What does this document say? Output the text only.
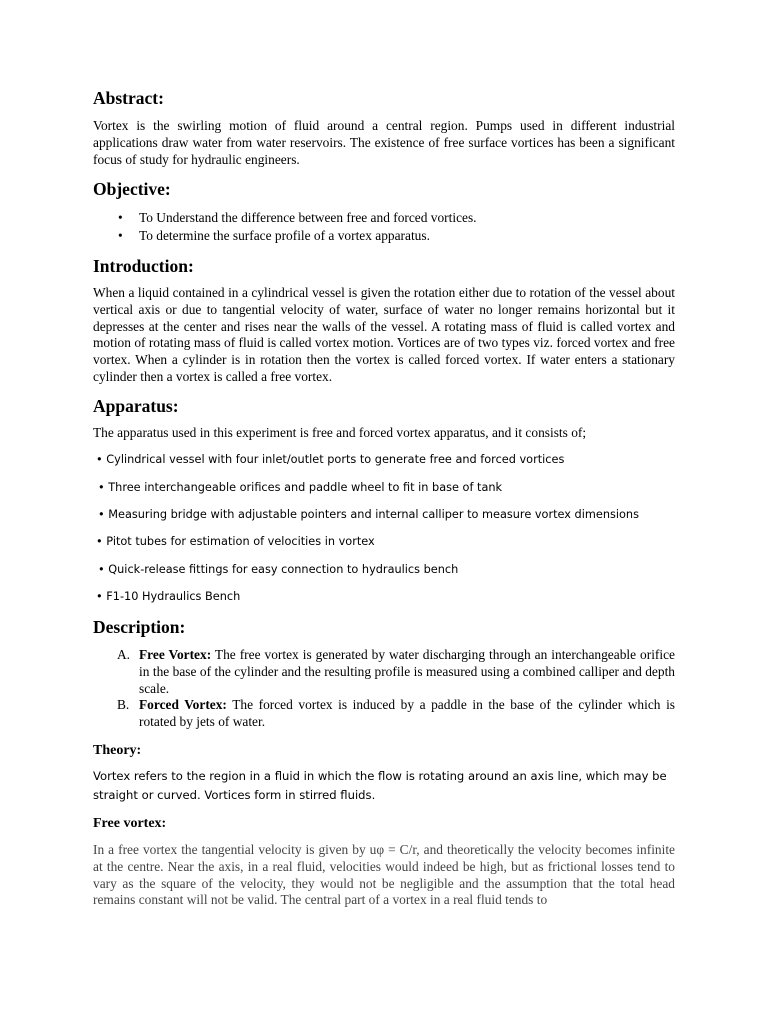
Abstract:

Vortex is the swirling motion of fluid around a central region. Pumps used in different industrial applications draw water from water reservoirs. The existence of free surface vortices has been a significant focus of study for hydraulic engineers.

Objective:
• To Understand the difference between free and forced vortices.
• To determine the surface profile of a vortex apparatus.
Introduction:

When a liquid contained in a cylindrical vessel is given the rotation either due to rotation of the vessel about vertical axis or due to tangential velocity of water, surface of water no longer remains horizontal but it depresses at the center and rises near the walls of the vessel. A rotating mass of fluid is called vortex and motion of rotating mass of fluid is called vortex motion. Vortices are of two types viz. forced vortex and free vortex. When a cylinder is in rotation then the vortex is called forced vortex. If water enters a stationary cylinder then a vortex is called a free vortex.

Apparatus:

The apparatus used in this experiment is free and forced vortex apparatus, and it consists of;

• Cylindrical vessel with four inlet/outlet ports to generate free and forced vortices
• Three interchangeable orifices and paddle wheel to fit in base of tank
• Measuring bridge with adjustable pointers and internal calliper to measure vortex dimensions
• Pitot tubes for estimation of velocities in vortex
• Quick-release fittings for easy connection to hydraulics bench
• F1-10 Hydraulics Bench
Description:
A. Free Vortex: The free vortex is generated by water discharging through an interchangeable orifice in the base of the cylinder and the resulting profile is measured using a combined calliper and depth scale.
B. Forced Vortex: The forced vortex is induced by a paddle in the base of the cylinder which is rotated by jets of water.
Theory:

Vortex refers to the region in a fluid in which the flow is rotating around an axis line, which may be straight or curved. Vortices form in stirred fluids.

Free vortex:

In a free vortex the tangential velocity is given by uφ = C/r, and theoretically the velocity becomes infinite at the centre. Near the axis, in a real fluid, velocities would indeed be high, but as frictional losses tend to vary as the square of the velocity, they would not be negligible and the assumption that the total head remains constant will not be valid. The central part of a vortex in a real fluid tends to
